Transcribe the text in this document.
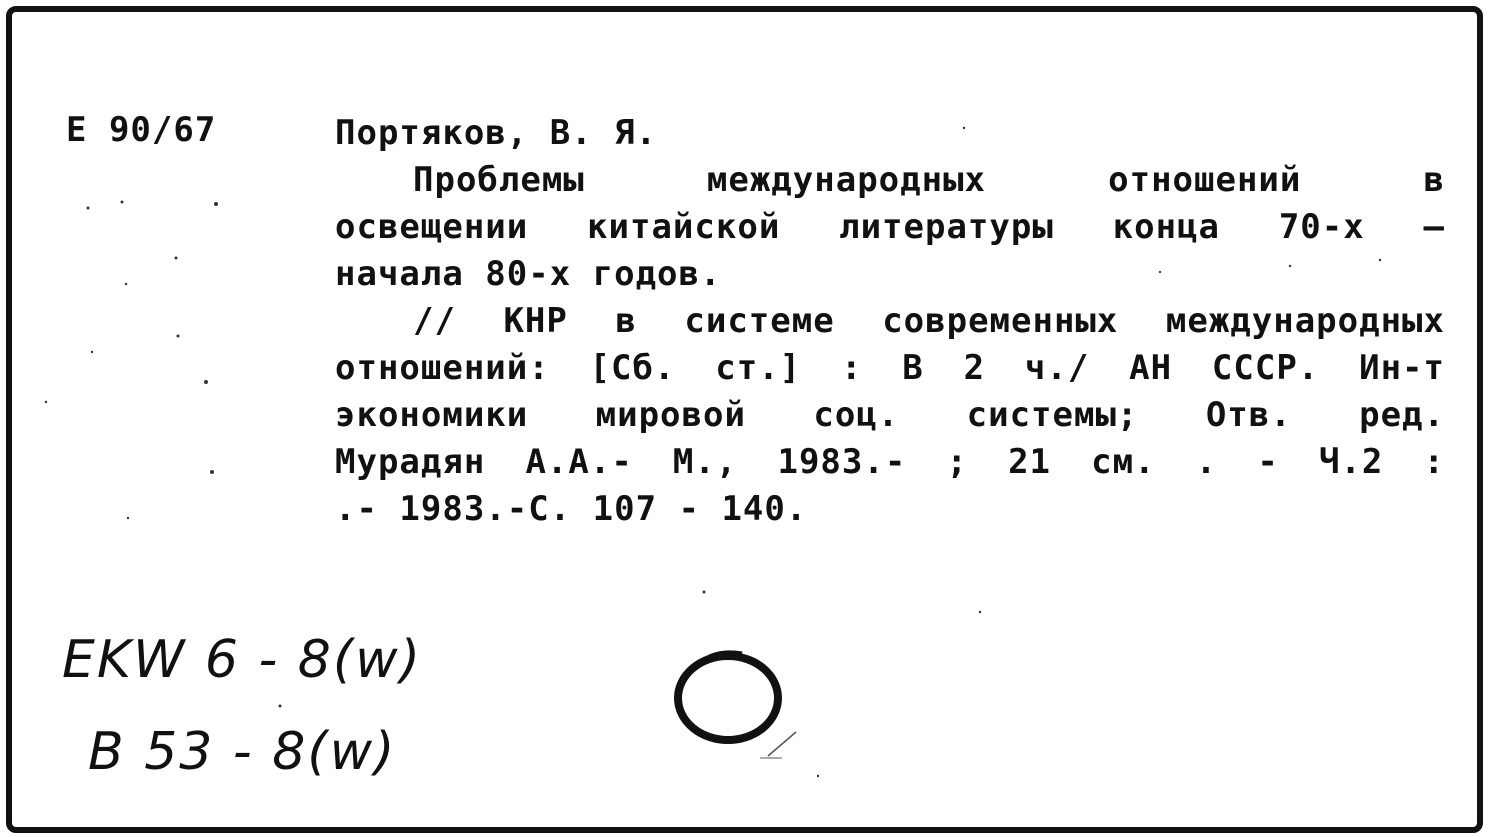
E 90/67	Портяков, В. Я.
Проблемы международных отношений в
освещении китайской литературы конца 70-х –
начала 80-х годов.
// КНР в системе современных международных
отношений: [Сб. ст.] : В 2 ч./ АН СССР. Ин-т
экономики мировой соц. системы; Отв. ред.
Мурадян А.А.- М., 1983.- ; 21 см. . - Ч.2 :
.- 1983.-С. 107 - 140.
EKW 6 - 8(w)
B 53 - 8(w)
